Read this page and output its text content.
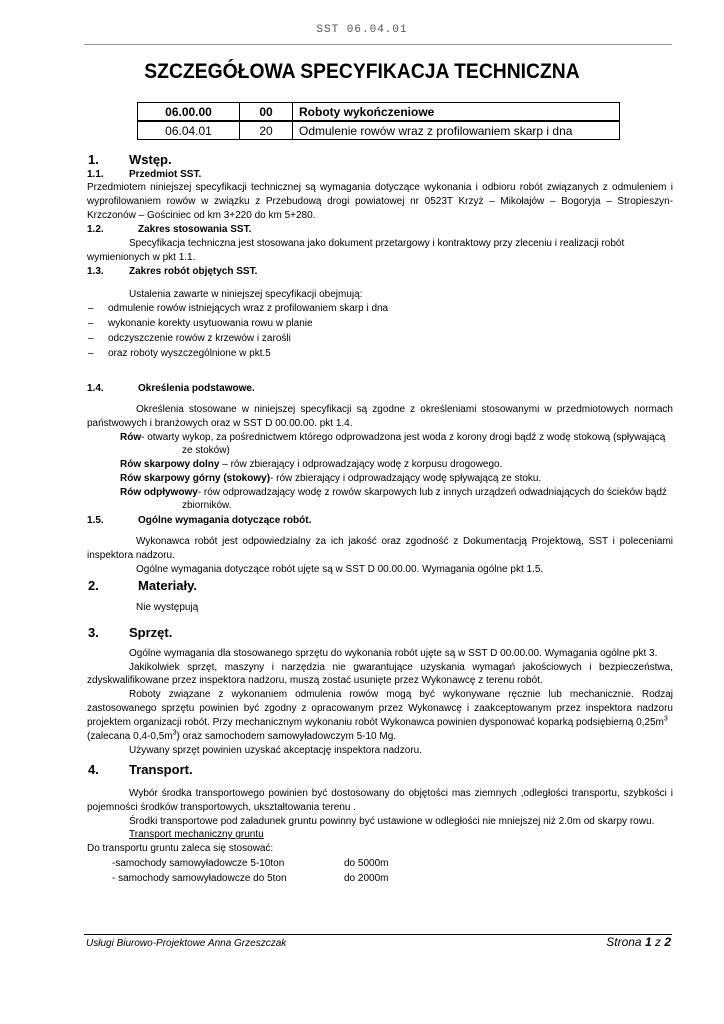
SST 06.04.01
SZCZEGÓŁOWA SPECYFIKACJA TECHNICZNA
06.00.00	00	Roboty wykończeniowe
06.04.01	20	Odmulenie rowów wraz z profilowaniem skarp i dna
1. Wstęp.
1.1.	Przedmiot SST.
Przedmiotem niniejszej specyfikacji technicznej są wymagania dotyczące wykonania i odbioru robót związanych z odmuleniem i
wyprofilowaniem rowów w związku z Przebudową drogi powiatowej nr 0523T Krzyż – Mikołajów – Bogoryja – Stropieszyn-
Krzczonów – Gościniec od km 3+220 do km 5+280.
1.2.	Zakres stosowania SST.
Specyfikacja techniczna jest stosowana jako dokument przetargowy i kontraktowy przy zleceniu i realizacji robót
wymienionych w pkt 1.1.
1.3.	Zakres robót objętych SST.
Ustalenia zawarte w niniejszej specyfikacji obejmują:
– odmulenie rowów istniejących wraz z profilowaniem skarp i dna
– wykonanie korekty usytuowania rowu w planie
– odczyszczenie rowów z krzewów i zarośli
– oraz roboty wyszczególnione w pkt.5
1.4.	Określenia podstawowe.
Określenia stosowane w niniejszej specyfikacji są zgodne z określeniami stosowanymi w przedmiotowych normach
państwowych i branżowych oraz w SST D 00.00.00. pkt 1.4.
Rów- otwarty wykop, za pośrednictwem którego odprowadzona jest woda z korony drogi bądź z wodę stokową (spływającą
ze stoków)
Rów skarpowy dolny – rów zbierający i odprowadzający wodę z korpusu drogowego.
Rów skarpowy górny (stokowy)- rów zbierający i odprowadzający wodę spływającą ze stoku.
Rów odpływowy- rów odprowadzający wodę z rowów skarpowych lub z innych urządzeń odwadniających do ścieków bądź
zbiorników.
1.5.	Ogólne wymagania dotyczące robót.
Wykonawca robót jest odpowiedzialny za ich jakość oraz zgodność z Dokumentacją Projektową, SST i poleceniami
inspektora nadzoru.
Ogólne wymagania dotyczące robót ujęte są w SST D 00.00.00. Wymagania ogólne pkt 1.5.
2.	Materiały.
Nie występują
3. Sprzęt.
Ogólne wymagania dla stosowanego sprzętu do wykonania robót ujęte są w SST D 00.00.00. Wymagania ogólne pkt 3.
Jakikolwiek sprzęt, maszyny i narzędzia nie gwarantujące uzyskania wymagań jakościowych i bezpieczeństwa,
zdyskwalifikowane przez inspektora nadzoru, muszą zostać usunięte przez Wykonawcę z terenu robót.
Roboty związane z wykonaniem odmulenia rowów mogą być wykonywane ręcznie lub mechanicznie. Rodzaj
zastosowanego sprzętu powinien być zgodny z opracowanym przez Wykonawcę i zaakceptowanym przez inspektora nadzoru
projektem organizacji robót. Przy mechanicznym wykonaniu robót Wykonawca powinien dysponować koparką podsiębierną $0,25m^3$
(zalecana $0,4-0,5m^3$) oraz samochodem samowyładowczym 5-10 Mg.
Używany sprzęt powinien uzyskać akceptację inspektora nadzoru.
4. Transport.
Wybór środka transportowego powinien być dostosowany do objętości mas ziemnych ,odległości transportu, szybkości i
pojemności środków transportowych, ukształtowania terenu .
Środki transportowe pod załadunek gruntu powinny być ustawione w odległości nie mniejszej niż 2.0m od skarpy rowu.
Transport mechaniczny gruntu
Do transportu gruntu zaleca się stosować:
-samochody samowyładowcze 5-10ton	do 5000m
- samochody samowyładowcze do 5ton	do 2000m
Usługi Biurowo-Projektowe Anna Grzeszczak	Strona 1 z 2
